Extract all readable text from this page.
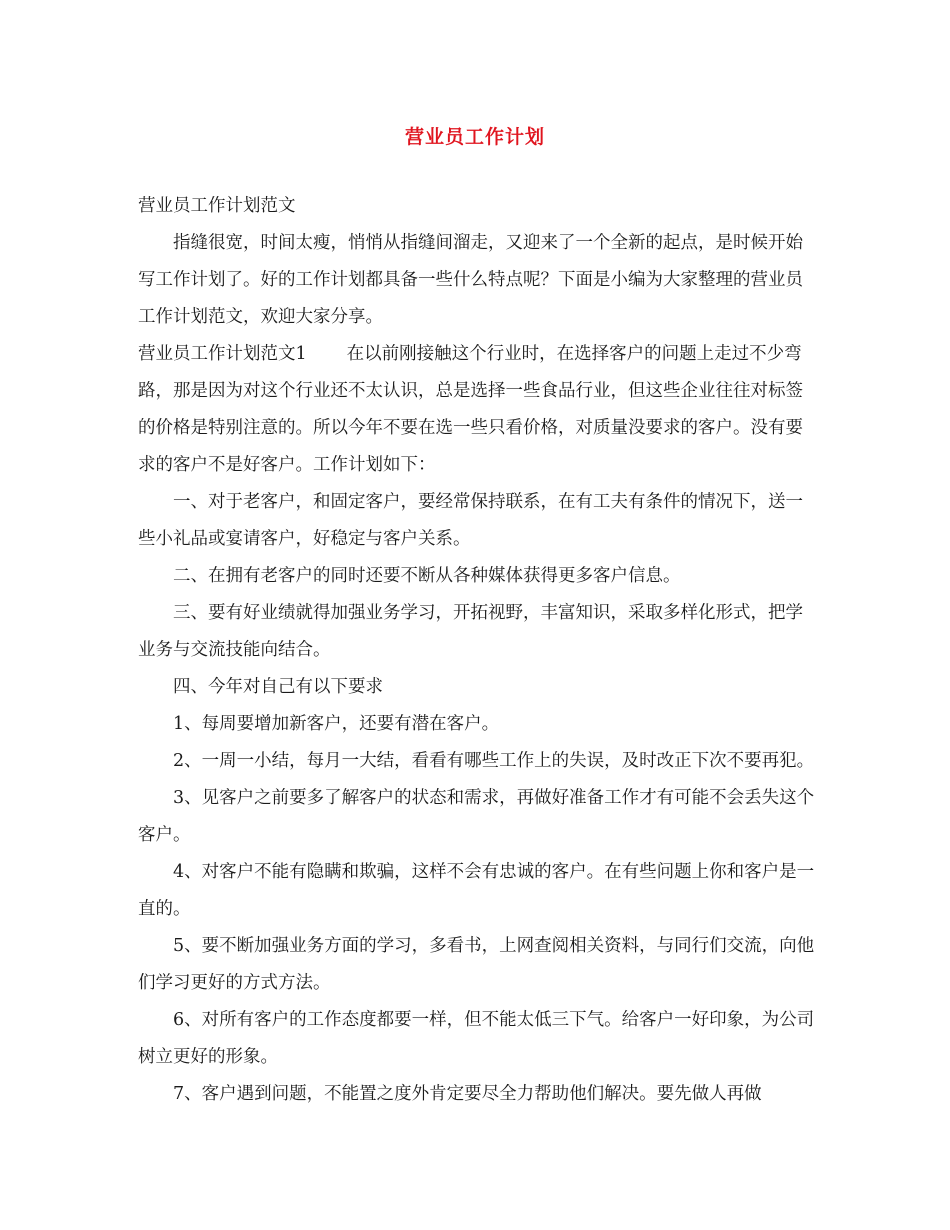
营业员工作计划

营业员工作计划范文

指缝很宽，时间太瘦，悄悄从指缝间溜走，又迎来了一个全新的起点，是时候开始写工作计划了。好的工作计划都具备一些什么特点呢？下面是小编为大家整理的营业员工作计划范文，欢迎大家分享。

营业员工作计划范文1 在以前刚接触这个行业时，在选择客户的问题上走过不少弯路，那是因为对这个行业还不太认识，总是选择一些食品行业，但这些企业往往对标签的价格是特别注意的。所以今年不要在选一些只看价格，对质量没要求的客户。没有要求的客户不是好客户。工作计划如下：

一、对于老客户，和固定客户，要经常保持联系，在有工夫有条件的情况下，送一些小礼品或宴请客户，好稳定与客户关系。

二、在拥有老客户的同时还要不断从各种媒体获得更多客户信息。

三、要有好业绩就得加强业务学习，开拓视野，丰富知识，采取多样化形式，把学业务与交流技能向结合。

四、今年对自己有以下要求

1、每周要增加新客户，还要有潜在客户。

2、一周一小结，每月一大结，看看有哪些工作上的失误，及时改正下次不要再犯。

3、见客户之前要多了解客户的状态和需求，再做好准备工作才有可能不会丢失这个客户。

4、对客户不能有隐瞒和欺骗，这样不会有忠诚的客户。在有些问题上你和客户是一直的。

5、要不断加强业务方面的学习，多看书，上网查阅相关资料，与同行们交流，向他们学习更好的方式方法。

6、对所有客户的工作态度都要一样，但不能太低三下气。给客户一好印象，为公司树立更好的形象。

7、客户遇到问题，不能置之度外肯定要尽全力帮助他们解决。要先做人再做
